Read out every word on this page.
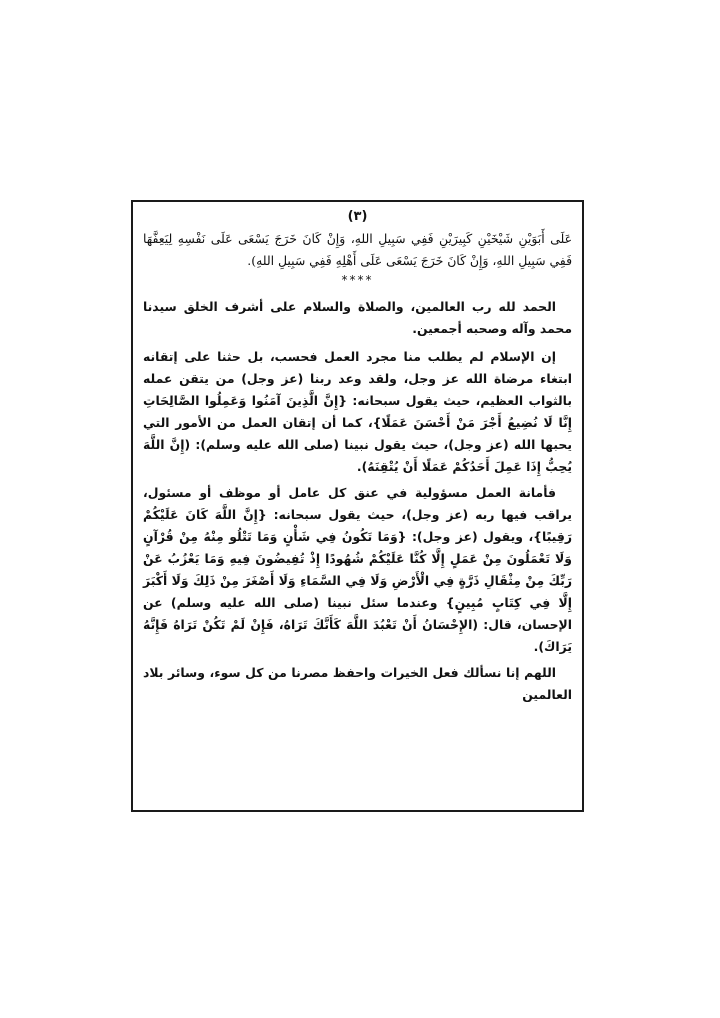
(٣)

عَلَى أَبَوَيْنِ شَيْخَيْنِ كَبِيرَيْنِ فَفِي سَبِيلِ اللهِ، وَإِنْ كَانَ خَرَجَ يَسْعَى عَلَى نَفْسِهِ لِيَعِفَّهَا فَفِي سَبِيلِ اللهِ، وَإِنْ كَانَ خَرَجَ يَسْعَى عَلَى أَهْلِهِ فَفِي سَبِيلِ اللهِ).

****

الحمد لله رب العالمين، والصلاة والسلام على أشرف الخلق سيدنا محمد وآله وصحبه أجمعين.

إن الإسلام لم يطلب منا مجرد العمل فحسب، بل حثنا على إتقانه ابتغاء مرضاة الله عز وجل، ولقد وعد ربنا (عز وجل) من يتقن عمله بالثواب العظيم، حيث يقول سبحانه: {إِنَّ الَّذِينَ آمَنُوا وَعَمِلُوا الصَّالِحَاتِ إِنَّا لَا نُضِيعُ أَجْرَ مَنْ أَحْسَنَ عَمَلًا}، كما أن إتقان العمل من الأمور التي يحبها الله (عز وجل)، حيث يقول نبينا (صلى الله عليه وسلم): (إِنَّ اللَّهَ يُحِبُّ إِذَا عَمِلَ أَحَدُكُمْ عَمَلًا أَنْ يُتْقِنَهُ).

فأمانة العمل مسؤولية في عنق كل عامل أو موظف أو مسئول، يراقب فيها ربه (عز وجل)، حيث يقول سبحانه: {إِنَّ اللَّهَ كَانَ عَلَيْكُمْ رَقِيبًا}، ويقول (عز وجل): {وَمَا تَكُونُ فِي شَأْنٍ وَمَا تَتْلُو مِنْهُ مِنْ قُرْآنٍ وَلَا تَعْمَلُونَ مِنْ عَمَلٍ إِلَّا كُنَّا عَلَيْكُمْ شُهُودًا إِذْ تُفِيضُونَ فِيهِ وَمَا يَعْزُبُ عَنْ رَبِّكَ مِنْ مِثْقَالِ ذَرَّةٍ فِي الْأَرْضِ وَلَا فِي السَّمَاءِ وَلَا أَصْغَرَ مِنْ ذَلِكَ وَلَا أَكْبَرَ إِلَّا فِي كِتَابٍ مُبِينٍ} وعندما سئل نبينا (صلى الله عليه وسلم) عن الإحسان، قال: (الإِحْسَانُ أَنْ تَعْبُدَ اللَّهَ كَأَنَّكَ تَرَاهُ، فَإِنْ لَمْ تَكُنْ تَرَاهُ فَإِنَّهُ يَرَاكَ).

اللهم إنا نسألك فعل الخيرات واحفظ مصرنا من كل سوء، وسائر بلاد العالمين
